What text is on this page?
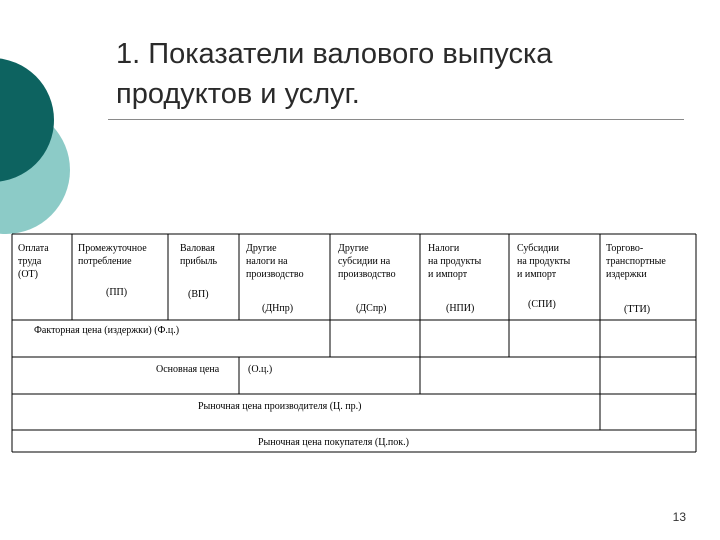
1. Показатели валового выпуска
продуктов и услуг.
Оплата
труда
(ОТ)
Промежуточное
потребление
(ПП)
Валовая
прибыль
(ВП)
Другие
налоги на
производство
(ДНпр)
Другие
субсидии на
производство
(ДСпр)
Налоги
на продукты
и импорт
(НПИ)
Субсидии
на продукты
и импорт
(СПИ)
Торгово-
транспортные
издержки
(ТТИ)
Факторная цена (издержки) (Ф.ц.)
Основная цена	(О.ц.)
Рыночная цена производителя (Ц. пр.)
Рыночная цена покупателя (Ц.пок.)
13
